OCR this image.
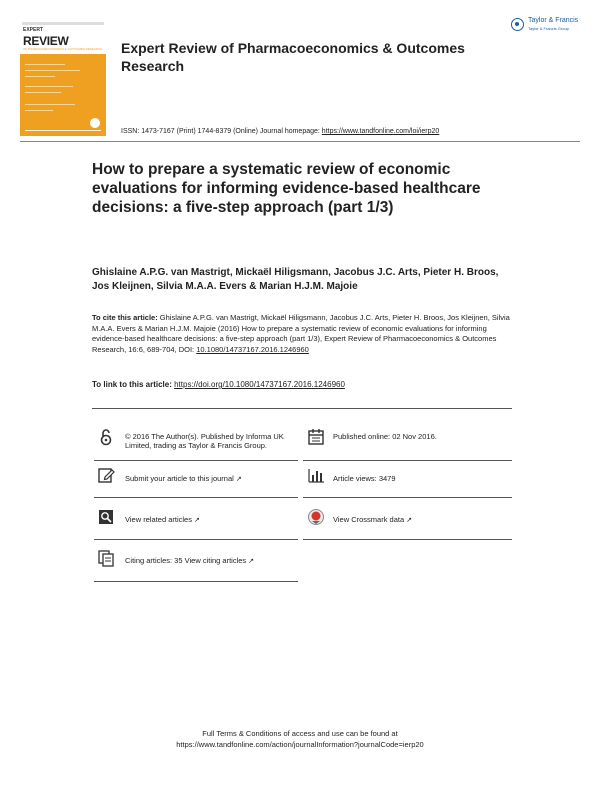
EXPERT
REVIEW
OF PHARMACOECONOMICS & OUTCOMES RESEARCH Expert Review of Pharmacoeconomics & Outcomes Research
Taylor & Francis
Taylor & Francis Group
ISSN: 1473-7167 (Print) 1744-8379 (Online) Journal homepage: https://www.tandfonline.com/loi/ierp20
How to prepare a systematic review of economic evaluations for informing evidence-based healthcare decisions: a five-step approach (part 1/3)
Ghislaine A.P.G. van Mastrigt, Mickaël Hiligsmann, Jacobus J.C. Arts, Pieter H. Broos, Jos Kleijnen, Silvia M.A.A. Evers & Marian H.J.M. Majoie
To cite this article: Ghislaine A.P.G. van Mastrigt, Mickaël Hiligsmann, Jacobus J.C. Arts, Pieter H. Broos, Jos Kleijnen, Silvia M.A.A. Evers & Marian H.J.M. Majoie (2016) How to prepare a systematic review of economic evaluations for informing evidence-based healthcare decisions: a five-step approach (part 1/3), Expert Review of Pharmacoeconomics & Outcomes Research, 16:6, 689-704, DOI: 10.1080/14737167.2016.1246960
To link to this article: https://doi.org/10.1080/14737167.2016.1246960
© 2016 The Author(s). Published by Informa UK Limited, trading as Taylor & Francis Group.
Published online: 02 Nov 2016.
Submit your article to this journal ↗	Article views: 3479
View related articles ↗	View Crossmark data ↗
Citing articles: 35 View citing articles ↗
Full Terms & Conditions of access and use can be found at
https://www.tandfonline.com/action/journalInformation?journalCode=ierp20
